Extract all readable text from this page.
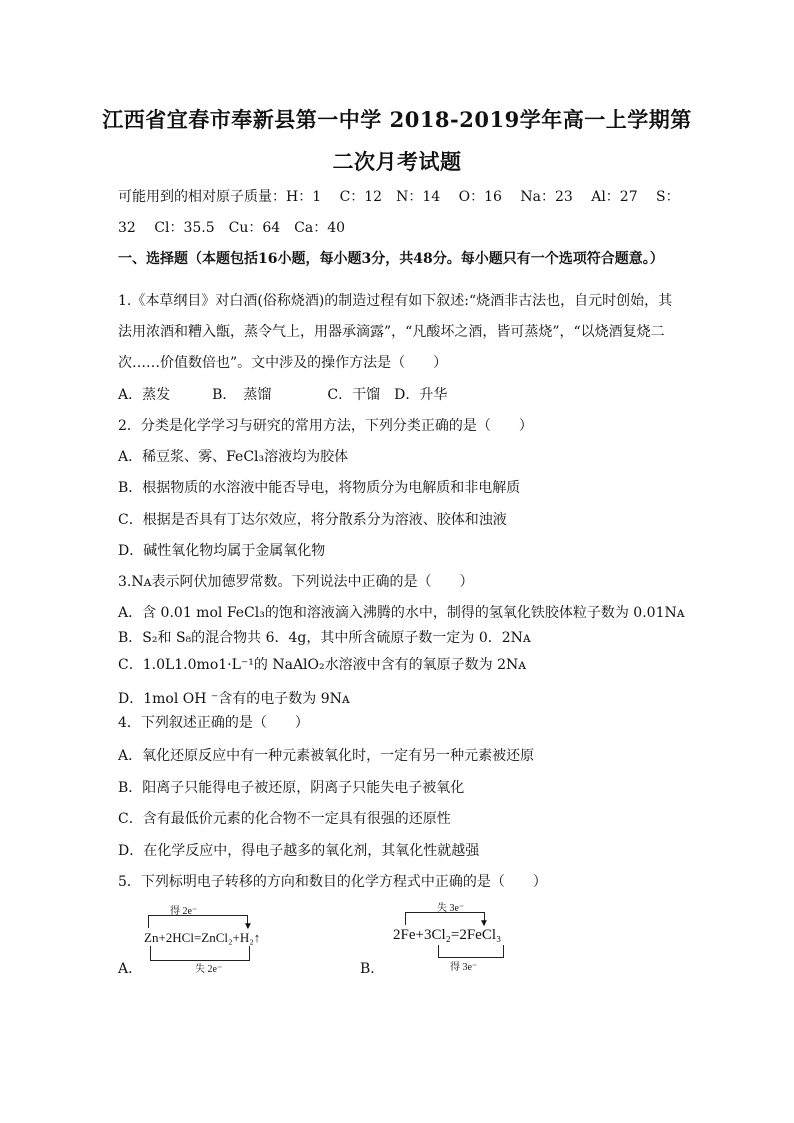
江西省宜春市奉新县第一中学 2018-2019学年高一上学期第
二次月考试题
可能用到的相对原子质量：H：1　 C：12　N：14　 O：16　 Na：23　 Al：27　 S：
32　 Cl：35.5　Cu：64　Ca：40
一、选择题（本题包括16小题，每小题3分，共48分。每小题只有一个选项符合题意。）
1.《本草纲目》对白酒(俗称烧酒)的制造过程有如下叙述:“烧酒非古法也，自元时创始，其
法用浓酒和糟入甑，蒸令气上，用器承滴露”，“凡酸坏之酒，皆可蒸烧”，“以烧酒复烧二
次……价值数倍也”。文中涉及的操作方法是（　　）
A．蒸发　　　B．　蒸馏　　　　C．干馏　D．升华
2．分类是化学学习与研究的常用方法，下列分类正确的是（　　）
A．稀豆浆、雾、FeCl₃溶液均为胶体
B．根据物质的水溶液中能否导电，将物质分为电解质和非电解质
C．根据是否具有丁达尔效应，将分散系分为溶液、胶体和浊液
D．碱性氧化物均属于金属氧化物
3.Nᴀ表示阿伏加德罗常数。下列说法中正确的是（　　）
A．含 0.01 mol FeCl₃的饱和溶液滴入沸腾的水中，制得的氢氧化铁胶体粒子数为 0.01Nᴀ
B．S₂和 S₈的混合物共 6．4g，其中所含硫原子数一定为 0．2Nᴀ
C．1.0L1.0mo1·L⁻¹的 NaAlO₂水溶液中含有的氧原子数为 2Nᴀ
D．1mol OH ⁻含有的电子数为 9Nᴀ
4．下列叙述正确的是（　　）
A．氧化还原反应中有一种元素被氧化时，一定有另一种元素被还原
B．阳离子只能得电子被还原，阴离子只能失电子被氧化
C．含有最低价元素的化合物不一定具有很强的还原性
D．在化学反应中，得电子越多的氧化剂，其氧化性就越强
5．下列标明电子转移的方向和数目的化学方程式中正确的是（　　）
得 2e⁻
▼
Zn+2HCl=ZnCl₂+H₂↑
失 2e⁻
A．
失 3e⁻
▼
2Fe+3Cl₂=2FeCl₃
得 3e⁻
B．
